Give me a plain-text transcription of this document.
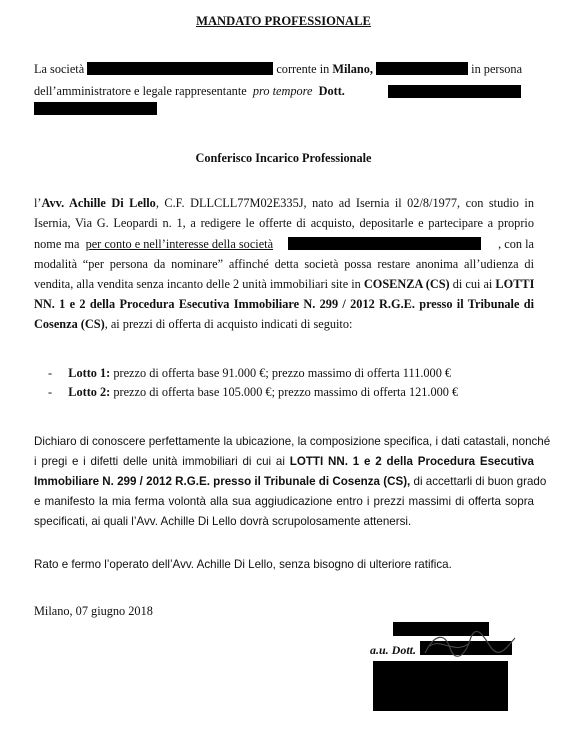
MANDATO PROFESSIONALE
La società	corrente in Milano,	in persona
dell’amministratore e legale rappresentante pro tempore Dott.
Conferisco Incarico Professionale
l’Avv. Achille Di Lello, C.F. DLLCLL77M02E335J, nato ad Isernia il 02/8/1977, con studio in
Isernia, Via G. Leopardi n. 1, a redigere le offerte di acquisto, depositarle e partecipare a proprio
nome ma per conto e nell’interesse della società	, con la
modalità “per persona da nominare” affinché detta società possa restare anonima all’udienza di
vendita, alla vendita senza incanto delle 2 unità immobiliari site in COSENZA (CS) di cui ai LOTTI
NN. 1 e 2 della Procedura Esecutiva Immobiliare N. 299 / 2012 R.G.E. presso il Tribunale di
Cosenza (CS), ai prezzi di offerta di acquisto indicati di seguito:
- Lotto 1: prezzo di offerta base 91.000 €; prezzo massimo di offerta 111.000 €
- Lotto 2: prezzo di offerta base 105.000 €; prezzo massimo di offerta 121.000 €
Dichiaro di conoscere perfettamente la ubicazione, la composizione specifica, i dati catastali, nonché
i pregi e i difetti delle unità immobiliari di cui ai LOTTI NN. 1 e 2 della Procedura Esecutiva
Immobiliare N. 299 / 2012 R.G.E. presso il Tribunale di Cosenza (CS), di accettarli di buon grado
e manifesto la mia ferma volontà alla sua aggiudicazione entro i prezzi massimi di offerta sopra
specificati, ai quali l’Avv. Achille Di Lello dovrà scrupolosamente attenersi.
Rato e fermo l’operato dell’Avv. Achille Di Lello, senza bisogno di ulteriore ratifica.
Milano, 07 giugno 2018
a.u. Dott.
